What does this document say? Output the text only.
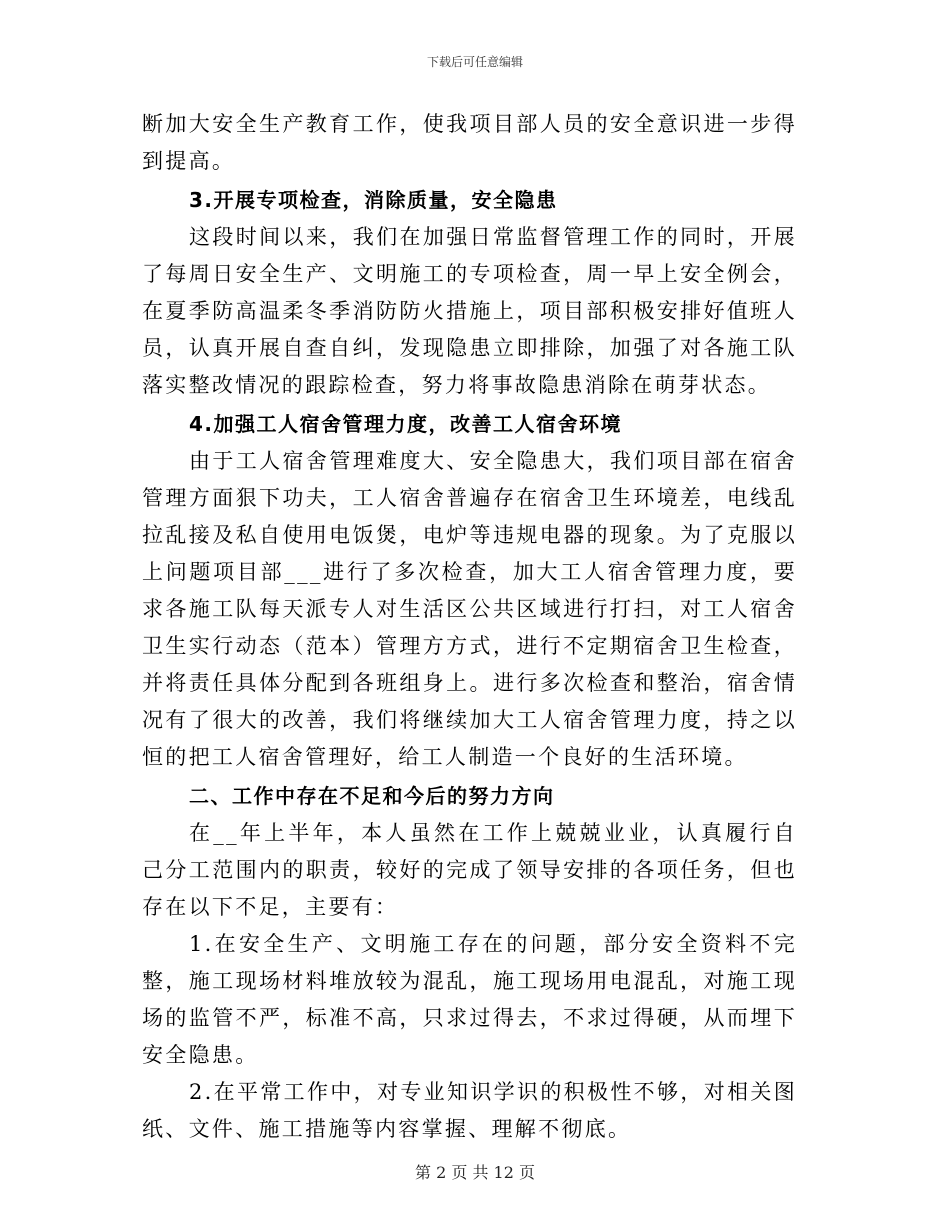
下载后可任意编辑

断加大安全生产教育工作，使我项目部人员的安全意识进一步得到提高。

3.开展专项检查，消除质量，安全隐患

这段时间以来，我们在加强日常监督管理工作的同时，开展了每周日安全生产、文明施工的专项检查，周一早上安全例会，在夏季防高温柔冬季消防防火措施上，项目部积极安排好值班人员，认真开展自查自纠，发现隐患立即排除，加强了对各施工队落实整改情况的跟踪检查，努力将事故隐患消除在萌芽状态。

4.加强工人宿舍管理力度，改善工人宿舍环境

由于工人宿舍管理难度大、安全隐患大，我们项目部在宿舍管理方面狠下功夫，工人宿舍普遍存在宿舍卫生环境差，电线乱拉乱接及私自使用电饭煲，电炉等违规电器的现象。为了克服以上问题项目部___进行了多次检查，加大工人宿舍管理力度，要求各施工队每天派专人对生活区公共区域进行打扫，对工人宿舍卫生实行动态（范本）管理方方式，进行不定期宿舍卫生检查，并将责任具体分配到各班组身上。进行多次检查和整治，宿舍情况有了很大的改善，我们将继续加大工人宿舍管理力度，持之以恒的把工人宿舍管理好，给工人制造一个良好的生活环境。

二、工作中存在不足和今后的努力方向

在__年上半年，本人虽然在工作上兢兢业业，认真履行自己分工范围内的职责，较好的完成了领导安排的各项任务，但也存在以下不足，主要有：

1.在安全生产、文明施工存在的问题，部分安全资料不完整，施工现场材料堆放较为混乱，施工现场用电混乱，对施工现场的监管不严，标准不高，只求过得去，不求过得硬，从而埋下安全隐患。

2.在平常工作中，对专业知识学识的积极性不够，对相关图纸、文件、施工措施等内容掌握、理解不彻底。

第 2 页 共 12 页
